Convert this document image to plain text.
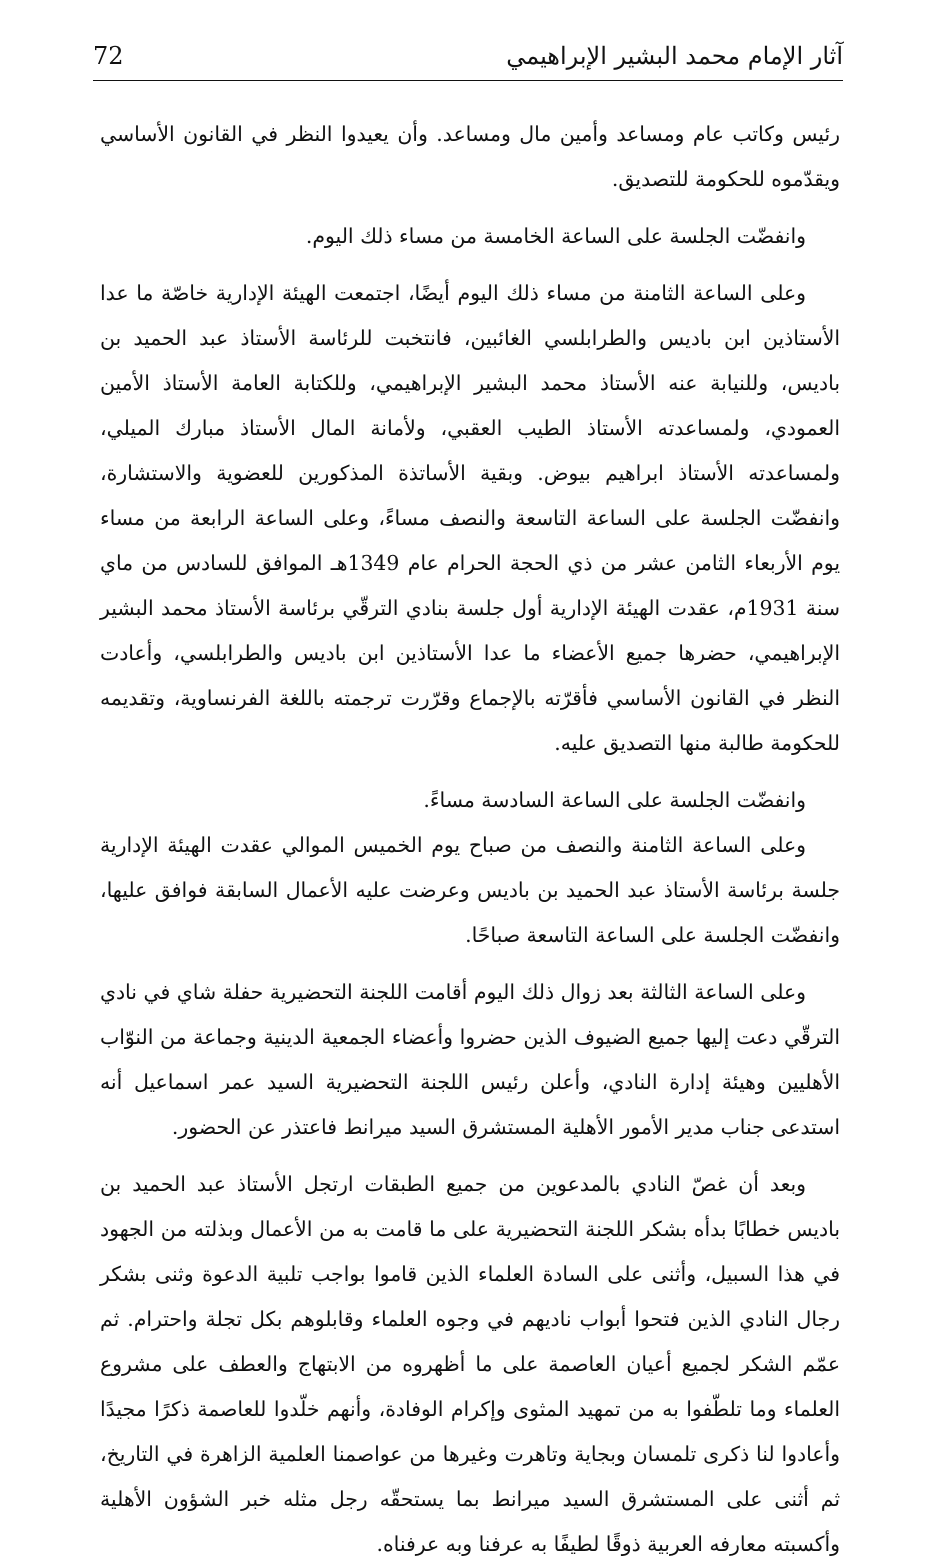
آثار الإمام محمد البشير الإبراهيمي
72

رئيس وكاتب عام ومساعد وأمين مال ومساعد. وأن يعيدوا النظر في القانون الأساسي ويقدّموه للحكومة للتصديق.

وانفضّت الجلسة على الساعة الخامسة من مساء ذلك اليوم.

وعلى الساعة الثامنة من مساء ذلك اليوم أيضًا، اجتمعت الهيئة الإدارية خاصّة ما عدا الأستاذين ابن باديس والطرابلسي الغائبين، فانتخبت للرئاسة الأستاذ عبد الحميد بن باديس، وللنيابة عنه الأستاذ محمد البشير الإبراهيمي، وللكتابة العامة الأستاذ الأمين العمودي، ولمساعدته الأستاذ الطيب العقبي، ولأمانة المال الأستاذ مبارك الميلي، ولمساعدته الأستاذ ابراهيم بيوض. وبقية الأساتذة المذكورين للعضوية والاستشارة، وانفضّت الجلسة على الساعة التاسعة والنصف مساءً، وعلى الساعة الرابعة من مساء يوم الأربعاء الثامن عشر من ذي الحجة الحرام عام 1349هـ الموافق للسادس من ماي سنة 1931م، عقدت الهيئة الإدارية أول جلسة بنادي الترقّي برئاسة الأستاذ محمد البشير الإبراهيمي، حضرها جميع الأعضاء ما عدا الأستاذين ابن باديس والطرابلسي، وأعادت النظر في القانون الأساسي فأقرّته بالإجماع وقرّرت ترجمته باللغة الفرنساوية، وتقديمه للحكومة طالبة منها التصديق عليه.

وانفضّت الجلسة على الساعة السادسة مساءً.

وعلى الساعة الثامنة والنصف من صباح يوم الخميس الموالي عقدت الهيئة الإدارية جلسة برئاسة الأستاذ عبد الحميد بن باديس وعرضت عليه الأعمال السابقة فوافق عليها، وانفضّت الجلسة على الساعة التاسعة صباحًا.

وعلى الساعة الثالثة بعد زوال ذلك اليوم أقامت اللجنة التحضيرية حفلة شاي في نادي الترقّي دعت إليها جميع الضيوف الذين حضروا وأعضاء الجمعية الدينية وجماعة من النوّاب الأهليين وهيئة إدارة النادي، وأعلن رئيس اللجنة التحضيرية السيد عمر اسماعيل أنه استدعى جناب مدير الأمور الأهلية المستشرق السيد ميرانط فاعتذر عن الحضور.

وبعد أن غصّ النادي بالمدعوين من جميع الطبقات ارتجل الأستاذ عبد الحميد بن باديس خطابًا بدأه بشكر اللجنة التحضيرية على ما قامت به من الأعمال وبذلته من الجهود في هذا السبيل، وأثنى على السادة العلماء الذين قاموا بواجب تلبية الدعوة وثنى بشكر رجال النادي الذين فتحوا أبواب ناديهم في وجوه العلماء وقابلوهم بكل تجلة واحترام. ثم عمّم الشكر لجميع أعيان العاصمة على ما أظهروه من الابتهاج والعطف على مشروع العلماء وما تلطّفوا به من تمهيد المثوى وإكرام الوفادة، وأنهم خلّدوا للعاصمة ذكرًا مجيدًا وأعادوا لنا ذكرى تلمسان وبجاية وتاهرت وغيرها من عواصمنا العلمية الزاهرة في التاريخ، ثم أثنى على المستشرق السيد ميرانط بما يستحقّه رجل مثله خبر الشؤون الأهلية وأكسبته معارفه العربية ذوقًا لطيفًا به عرفنا وبه عرفناه.
